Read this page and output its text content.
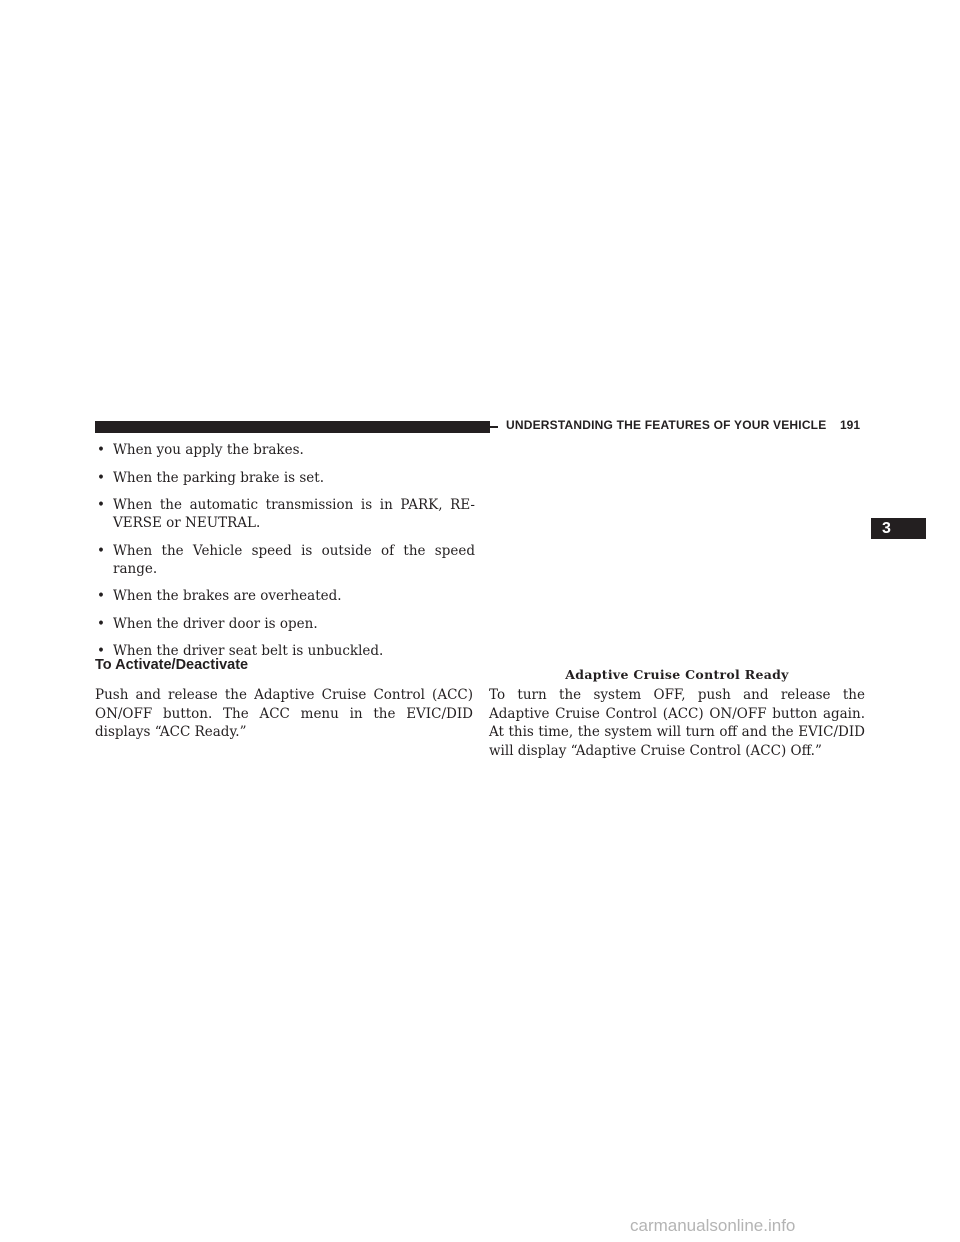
UNDERSTANDING THE FEATURES OF YOUR VEHICLE 191
3
• When you apply the brakes.
• When the parking brake is set.
• When the automatic transmission is in PARK, RE-VERSE or NEUTRAL.
• When the Vehicle speed is outside of the speed range.
• When the brakes are overheated.
• When the driver door is open.
• When the driver seat belt is unbuckled.
To Activate/Deactivate

Push and release the Adaptive Cruise Control (ACC) ON/OFF button. The ACC menu in the EVIC/DID displays “ACC Ready.”

Adaptive Cruise Control Ready

To turn the system OFF, push and release the Adaptive Cruise Control (ACC) ON/OFF button again. At this time, the system will turn off and the EVIC/DID will display “Adaptive Cruise Control (ACC) Off.”

carmanualsonline.info
